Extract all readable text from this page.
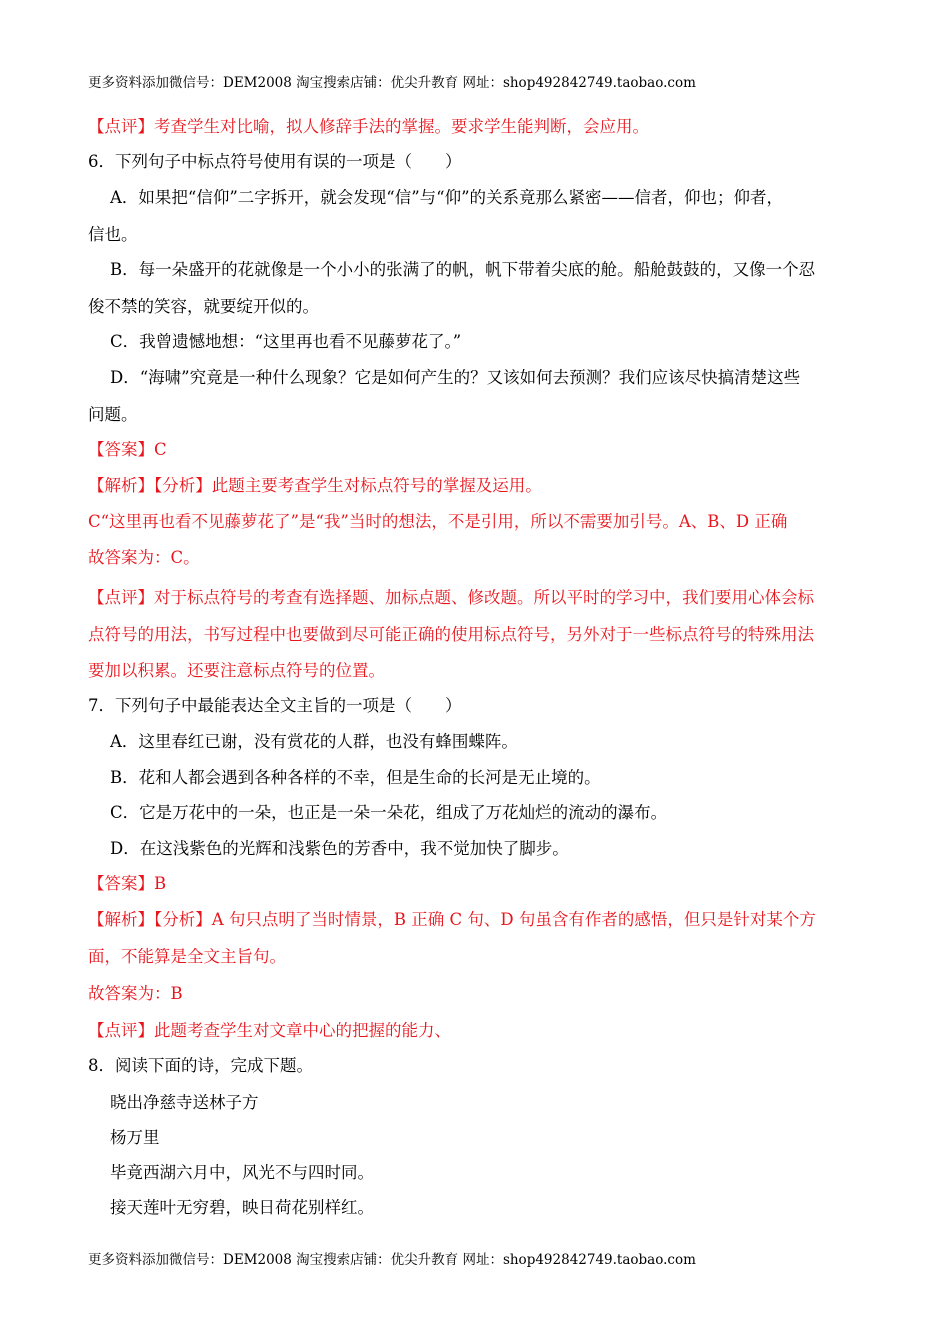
更多资料添加微信号：DEM2008 淘宝搜索店铺：优尖升教育 网址：shop492842749.taobao.com
【点评】考查学生对比喻，拟人修辞手法的掌握。要求学生能判断，会应用。
6．下列句子中标点符号使用有误的一项是（　　）
A．如果把“信仰”二字拆开，就会发现“信”与“仰”的关系竟那么紧密——信者，仰也；仰者，
信也。
B．每一朵盛开的花就像是一个小小的张满了的帆，帆下带着尖底的舱。船舱鼓鼓的，又像一个忍
俊不禁的笑容，就要绽开似的。
C．我曾遗憾地想：“这里再也看不见藤萝花了。”
D．“海啸”究竟是一种什么现象？它是如何产生的？又该如何去预测？我们应该尽快搞清楚这些
问题。
【答案】C
【解析】【分析】此题主要考查学生对标点符号的掌握及运用。
C“这里再也看不见藤萝花了”是“我”当时的想法，不是引用，所以不需要加引号。A、B、D 正确
故答案为：C。
【点评】对于标点符号的考查有选择题、加标点题、修改题。所以平时的学习中，我们要用心体会标
点符号的用法，书写过程中也要做到尽可能正确的使用标点符号，另外对于一些标点符号的特殊用法
要加以积累。还要注意标点符号的位置。
7．下列句子中最能表达全文主旨的一项是（　　）
A．这里春红已谢，没有赏花的人群，也没有蜂围蝶阵。
B．花和人都会遇到各种各样的不幸，但是生命的长河是无止境的。
C．它是万花中的一朵，也正是一朵一朵花，组成了万花灿烂的流动的瀑布。
D．在这浅紫色的光辉和浅紫色的芳香中，我不觉加快了脚步。
【答案】B
【解析】【分析】A 句只点明了当时情景，B 正确 C 句、D 句虽含有作者的感悟，但只是针对某个方
面，不能算是全文主旨句。
故答案为：B
【点评】此题考查学生对文章中心的把握的能力、
8．阅读下面的诗，完成下题。
晓出净慈寺送林子方
杨万里
毕竟西湖六月中，风光不与四时同。
接天莲叶无穷碧，映日荷花别样红。
更多资料添加微信号：DEM2008 淘宝搜索店铺：优尖升教育 网址：shop492842749.taobao.com
